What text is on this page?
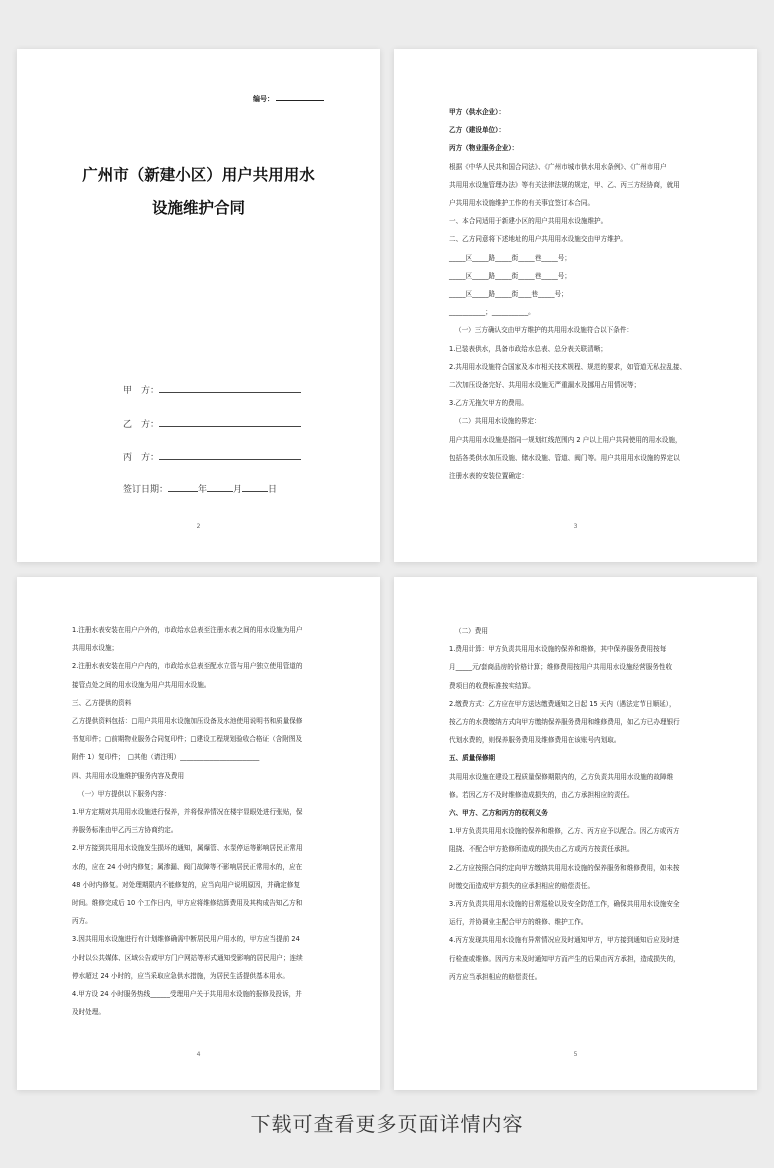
编号：
广州市（新建小区）用户共用用水
设施维护合同
甲　方：
乙　方：
丙　方：
签订日期：	年	月	日
2

甲方（供水企业）：

乙方（建设单位）：

丙方（物业服务企业）：

根据《中华人民共和国合同法》、《广州市城市供水用水条例》、《广州市用户

共用用水设施管理办法》等有关法律法规的规定，甲、乙、丙三方经协商，就用

户共用用水设施维护工作的有关事宜签订本合同。

一、本合同适用于新建小区的用户共用用水设施维护。

二、乙方同意将下述地址的用户共用用水设施交由甲方维护。

_____区_____路_____街_____巷_____号；

_____区_____路_____街_____巷_____号；

_____区_____路_____街____巷_____号；

___________；___________。

（一）三方确认交由甲方维护的共用用水设施符合以下条件：

1.已装表供水，具备市政给水总表、总分表关联清晰；

2.共用用水设施符合国家及本市相关技术规程、规范的要求，如管道无私拉乱接、

二次加压设备完好、共用用水设施无严重漏水及挪用占用情况等；

3.乙方无拖欠甲方的费用。

（二）共用用水设施的界定：

用户共用用水设施是指同一规划红线范围内 2 户以上用户共同使用的用水设施，

包括各类供水加压设施、储水设施、管道、阀门等。用户共用用水设施的界定以

注册水表的安装位置确定：

3

1.注册水表安装在用户户外的，市政给水总表至注册水表之间的用水设施为用户

共用用水设施；

2.注册水表安装在用户户内的，市政给水总表至配水立管与用户独立使用管道的

接管点处之间的用水设施为用户共用用水设施。

三、乙方提供的资料

乙方提供资料包括：□用户共用用水设施加压设备及水池使用说明书和质量保修

书复印件；□前期物业服务合同复印件；□建设工程规划验收合格证（含附图及

附件 1）复印件；　□其他（请注明）________________________

四、共用用水设施维护服务内容及费用

（一）甲方提供以下服务内容：

1.甲方定期对共用用水设施进行保养，并将保养情况在楼宇显眼处进行张贴，保

养服务标准由甲乙丙三方协商约定。

2.甲方接到共用用水设施发生损坏的通知，属爆管、水泵停运等影响居民正常用

水的，应在 24 小时内修复；属渗漏、阀门故障等不影响居民正常用水的，应在

48 小时内修复。对处理期限内不能修复的，应当向用户说明原因，并确定修复

时间。维修完成后 10 个工作日内，甲方应将维修结算费用及其构成告知乙方和

丙方。

3.因共用用水设施进行有计划维修确需中断居民用户用水的，甲方应当提前 24

小时以公共媒体、区域公告或甲方门户网站等形式通知受影响的居民用户；连续

停水超过 24 小时的，应当采取应急供水措施，为居民生活提供基本用水。

4.甲方设 24 小时服务热线______受理用户关于共用用水设施的报修及投诉，并

及时处理。

4

（二）费用

1.费用计算：甲方负责共用用水设施的保养和维修，其中保养服务费用按每

月_____元/套商品房的价格计算；维修费用按用户共用用水设施经营服务性收

费项目的收费标准按实结算。

2.缴费方式：乙方应在甲方送达缴费通知之日起 15 天内（遇法定节日顺延），

按乙方的水费缴纳方式向甲方缴纳保养服务费用和维修费用，如乙方已办理银行

代划水费的，则保养服务费用及维修费用在该账号内划取。

五、质量保修期

共用用水设施在建设工程质量保修期限内的，乙方负责共用用水设施的故障维

修。若因乙方不及时维修造成损失的，由乙方承担相应的责任。

六、甲方、乙方和丙方的权利义务

1.甲方负责共用用水设施的保养和维修，乙方、丙方应予以配合。因乙方或丙方

阻挠、不配合甲方抢修所造成的损失由乙方或丙方按责任承担。

2.乙方应按照合同约定向甲方缴纳共用用水设施的保养服务和维修费用，如未按

时缴交而造成甲方损失的应承担相应的赔偿责任。

3.丙方负责共用用水设施的日常巡检以及安全防范工作，确保共用用水设施安全

运行，并协调业主配合甲方的维修、维护工作。

4.丙方发现共用用水设施有异常情况应及时通知甲方，甲方接到通知后应及时进

行检查或维修。因丙方未及时通知甲方而产生的后果由丙方承担，造成损失的，

丙方应当承担相应的赔偿责任。

5
下载可查看更多页面详情内容
